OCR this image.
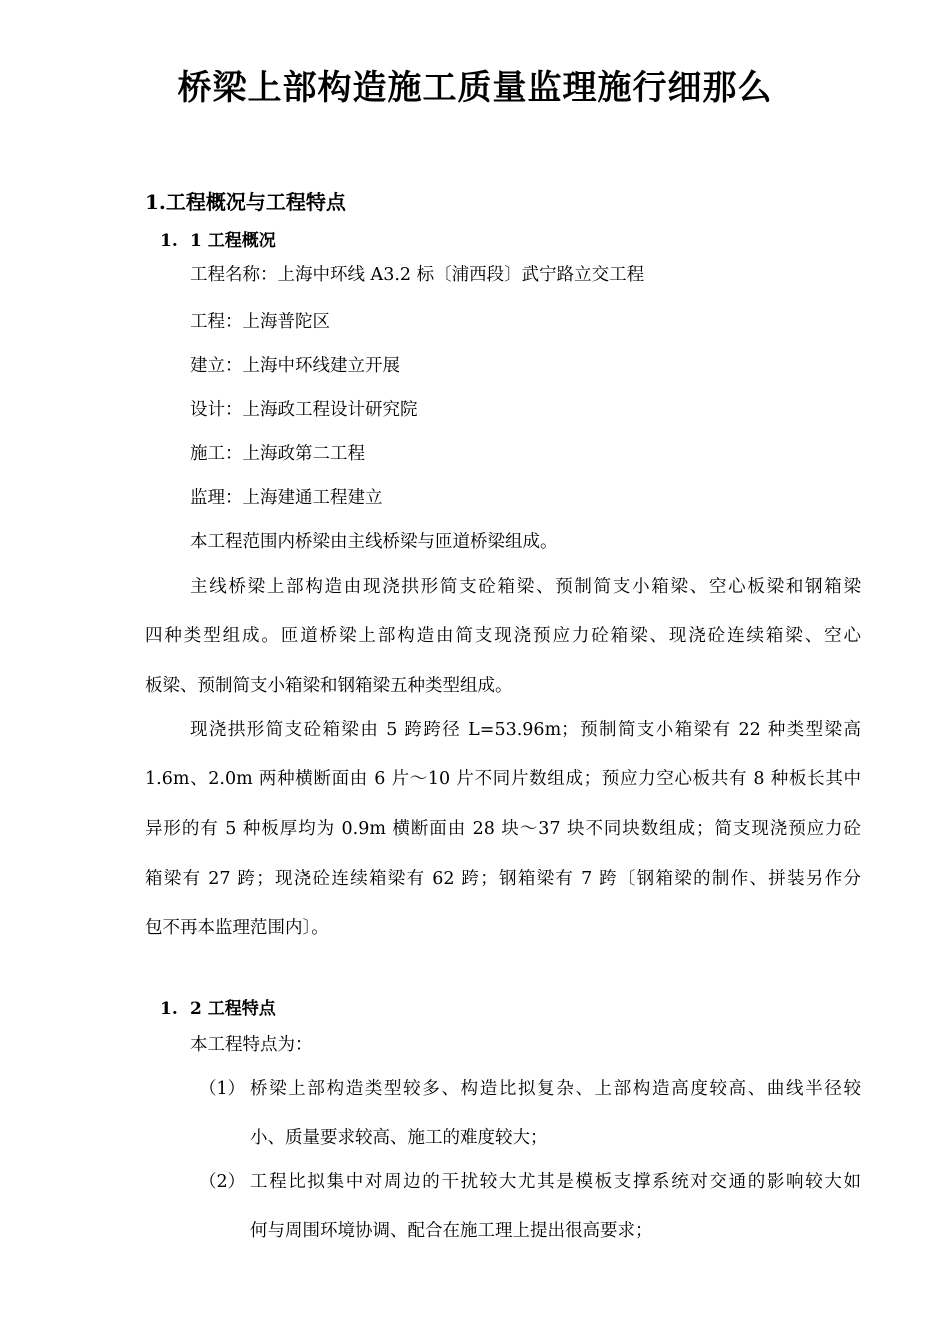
桥梁上部构造施工质量监理施行细那么
1.工程概况与工程特点
1. 1 工程概况
工程名称：上海中环线 A3.2 标〔浦西段〕武宁路立交工程
工程：上海普陀区
建立：上海中环线建立开展
设计：上海政工程设计研究院
施工：上海政第二工程
监理：上海建通工程建立
本工程范围内桥梁由主线桥梁与匝道桥梁组成。
主线桥梁上部构造由现浇拱形简支砼箱梁、预制简支小箱梁、空心板梁和钢箱梁
四种类型组成。匝道桥梁上部构造由简支现浇预应力砼箱梁、现浇砼连续箱梁、空心
板梁、预制简支小箱梁和钢箱梁五种类型组成。
现浇拱形简支砼箱梁由 5 跨跨径 L=53.96m；预制简支小箱梁有 22 种类型梁高
1.6m、2.0m 两种横断面由 6 片～10 片不同片数组成；预应力空心板共有 8 种板长其中
异形的有 5 种板厚均为 0.9m 横断面由 28 块～37 块不同块数组成；简支现浇预应力砼
箱梁有 27 跨；现浇砼连续箱梁有 62 跨；钢箱梁有 7 跨〔钢箱梁的制作、拼装另作分
包不再本监理范围内〕。
1. 2 工程特点
本工程特点为：
（1） 桥梁上部构造类型较多、构造比拟复杂、上部构造高度较高、曲线半径较
小、质量要求较高、施工的难度较大；
（2） 工程比拟集中对周边的干扰较大尤其是模板支撑系统对交通的影响较大如
何与周围环境协调、配合在施工理上提出很高要求；
